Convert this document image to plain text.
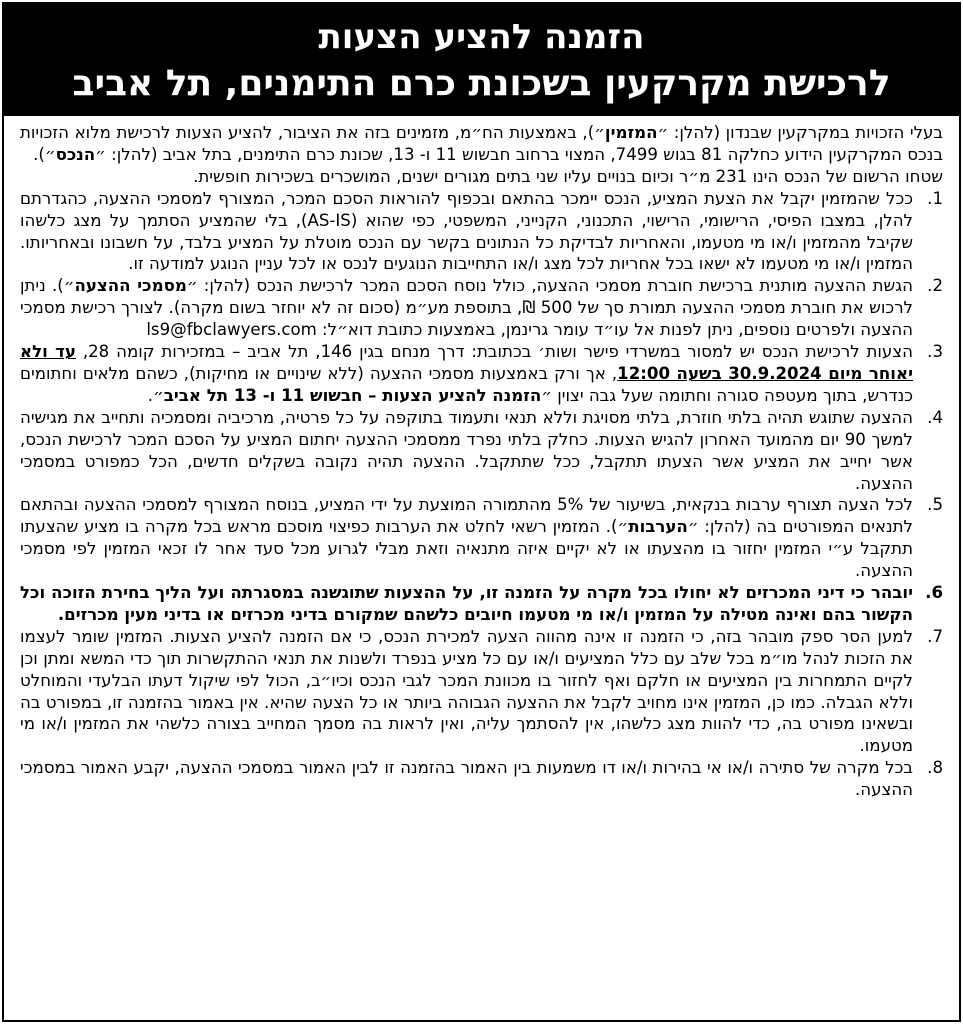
הזמנה להציע הצעות
לרכישת מקרקעין בשכונת כרם התימנים, תל אביב

בעלי הזכויות במקרקעין שבנדון (להלן: ״המזמין״), באמצעות הח״מ, מזמינים בזה את הציבור, להציע הצעות לרכישת מלוא הזכויות בנכס המקרקעין הידוע כחלקה 81 בגוש 7499, המצוי ברחוב חבשוש 11 ו- 13, שכונת כרם התימנים, בתל אביב (להלן: ״הנכס״).

שטחו הרשום של הנכס הינו 231 מ״ר וכיום בנויים עליו שני בתים מגורים ישנים, המושכרים בשכירות חופשית.

1.
ככל שהמזמין יקבל את הצעת המציע, הנכס יימכר בהתאם ובכפוף להוראות הסכם המכר, המצורף למסמכי ההצעה, כהגדרתם להלן, במצבו הפיסי, הרישומי, הרישוי, התכנוני, הקנייני, המשפטי, כפי שהוא (AS-IS), בלי שהמציע הסתמך על מצג כלשהו שקיבל מהמזמין ו/או מי מטעמו, והאחריות לבדיקת כל הנתונים בקשר עם הנכס מוטלת על המציע בלבד, על חשבונו ובאחריותו. המזמין ו/או מי מטעמו לא ישאו בכל אחריות לכל מצג ו/או התחייבות הנוגעים לנכס או לכל עניין הנוגע למודעה זו.
2.
הגשת ההצעה מותנית ברכישת חוברת מסמכי ההצעה, כולל נוסח הסכם המכר לרכישת הנכס (להלן: ״מסמכי ההצעה״). ניתן לרכוש את חוברת מסמכי ההצעה תמורת סך של 500 ₪, בתוספת מע״מ (סכום זה לא יוחזר בשום מקרה). לצורך רכישת מסמכי ההצעה ולפרטים נוספים, ניתן לפנות אל עו״ד עומר גרינמן, באמצעות כתובת דוא״ל: ls9@fbclawyers.com
3.
הצעות לרכישת הנכס יש למסור במשרדי פישר ושות׳ בכתובת: דרך מנחם בגין 146, תל אביב – במזכירות קומה 28, עד ולא יאוחר מיום 30.9.2024 בשעה 12:00, אך ורק באמצעות מסמכי ההצעה (ללא שינויים או מחיקות), כשהם מלאים וחתומים כנדרש, בתוך מעטפה סגורה וחתומה שעל גבה יצוין ״הזמנה להציע הצעות – חבשוש 11 ו- 13 תל אביב״.
4.
ההצעה שתוגש תהיה בלתי חוזרת, בלתי מסויגת וללא תנאי ותעמוד בתוקפה על כל פרטיה, מרכיביה ומסמכיה ותחייב את מגישיה למשך 90 יום מהמועד האחרון להגיש הצעות. כחלק בלתי נפרד ממסמכי ההצעה יחתום המציע על הסכם המכר לרכישת הנכס, אשר יחייב את המציע אשר הצעתו תתקבל, ככל שתתקבל. ההצעה תהיה נקובה בשקלים חדשים, הכל כמפורט במסמכי ההצעה.
5.
לכל הצעה תצורף ערבות בנקאית, בשיעור של 5% מהתמורה המוצעת על ידי המציע, בנוסח המצורף למסמכי ההצעה ובהתאם לתנאים המפורטים בה (להלן: ״הערבות״). המזמין רשאי לחלט את הערבות כפיצוי מוסכם מראש בכל מקרה בו מציע שהצעתו תתקבל ע״י המזמין יחזור בו מהצעתו או לא יקיים איזה מתנאיה וזאת מבלי לגרוע מכל סעד אחר לו זכאי המזמין לפי מסמכי ההצעה.
6.
יובהר כי דיני המכרזים לא יחולו בכל מקרה על הזמנה זו, על ההצעות שתוגשנה במסגרתה ועל הליך בחירת הזוכה וכל הקשור בהם ואינה מטילה על המזמין ו/או מי מטעמו חיובים כלשהם שמקורם בדיני מכרזים או בדיני מעין מכרזים.
7.
למען הסר ספק מובהר בזה, כי הזמנה זו אינה מהווה הצעה למכירת הנכס, כי אם הזמנה להציע הצעות. המזמין שומר לעצמו את הזכות לנהל מו״מ בכל שלב עם כלל המציעים ו/או עם כל מציע בנפרד ולשנות את תנאי ההתקשרות תוך כדי המשא ומתן וכן לקיים התמחרות בין המציעים או חלקם ואף לחזור בו מכוונת המכר לגבי הנכס וכיו״ב, הכול לפי שיקול דעתו הבלעדי והמוחלט וללא הגבלה. כמו כן, המזמין אינו מחויב לקבל את ההצעה הגבוהה ביותר או כל הצעה שהיא. אין באמור בהזמנה זו, במפורט בה ובשאינו מפורט בה, כדי להוות מצג כלשהו, אין להסתמך עליה, ואין לראות בה מסמך המחייב בצורה כלשהי את המזמין ו/או מי מטעמו.
8.
בכל מקרה של סתירה ו/או אי בהירות ו/או דו משמעות בין האמור בהזמנה זו לבין האמור במסמכי ההצעה, יקבע האמור במסמכי ההצעה.
